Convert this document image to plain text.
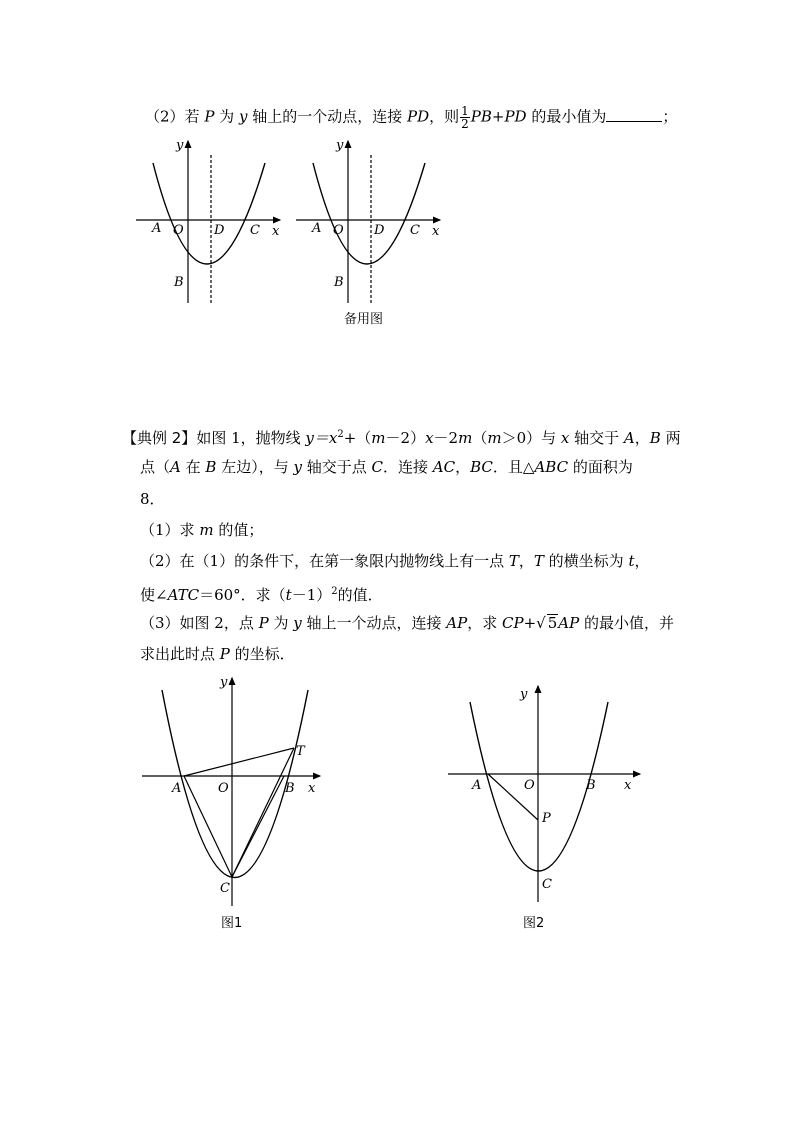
（2）若 P 为 y 轴上的一个动点，连接 PD，则 $\frac{1}{2} PB+PD$ 的最小值为	；
y
x
A O D C
B
y
x
A O D C
B
备用图
【典例 2】如图 1，抛物线 $y=x^2+(m-2)x-2m(m>0)$与 x 轴交于 A，B 两
点（A 在 B 左边），与 y 轴交于点 C．连接 AC，BC．且△ABC 的面积为
8．
（1）求 m 的值；
（2）在（1）的条件下，在第一象限内抛物线上有一点 T，T 的横坐标为 t，
使∠ATC＝60°．求$(t-1)^2$的值．
（3）如图 2，点 P 为 y 轴上一个动点，连接 AP，求 CP+√ 5AP 的最小值，并
求出此时点 P 的坐标．
y
x
A	O	B
T
C
图1
y
x
A	O	B
P
C
图2
